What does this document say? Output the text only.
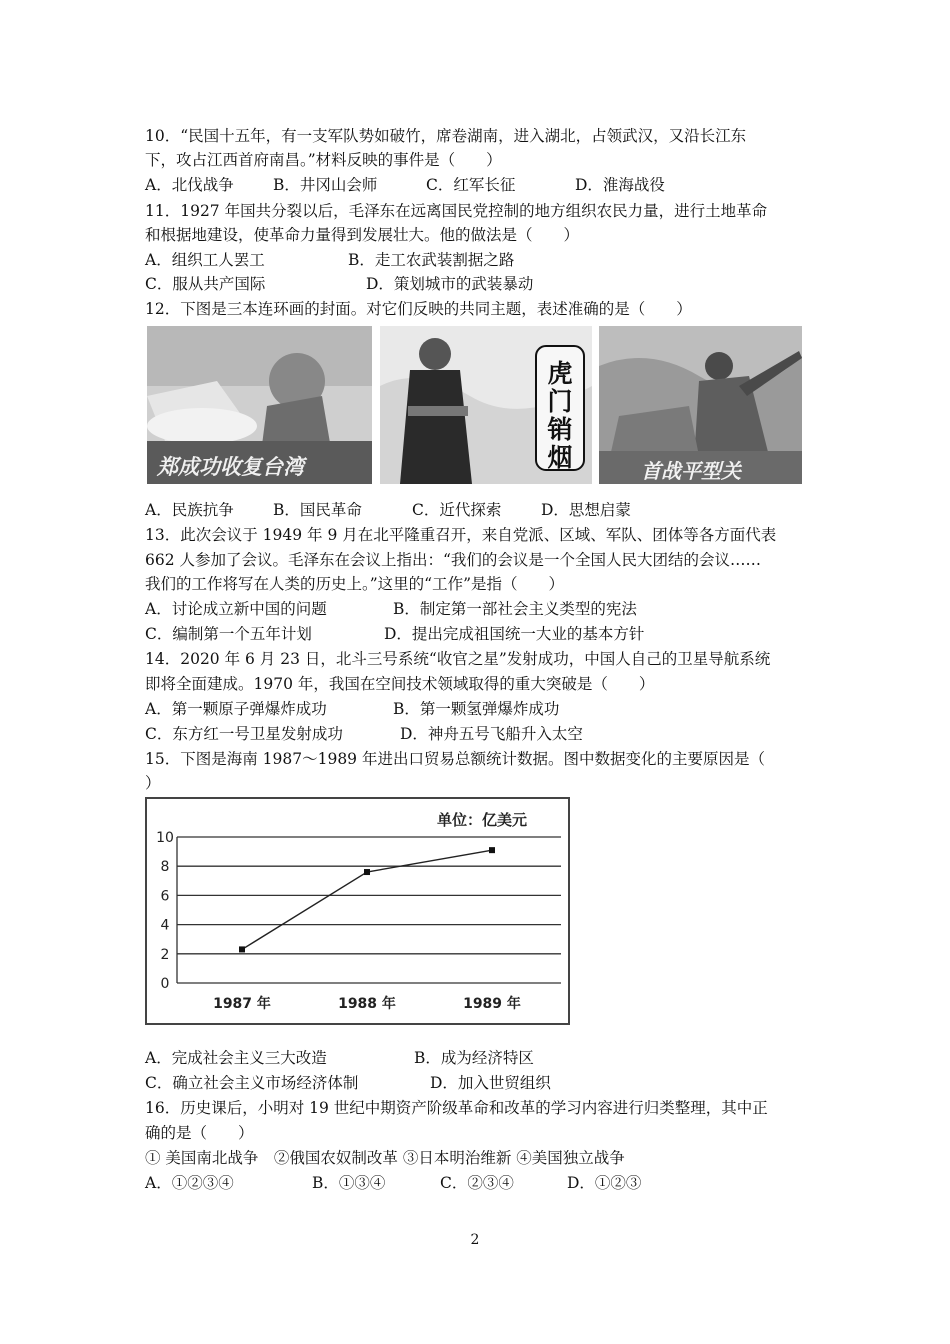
10．“民国十五年，有一支军队势如破竹，席卷湖南，进入湖北，占领武汉，又沿长江东
下，攻占江西首府南昌。”材料反映的事件是（　　）
A．北伐战争	B．井冈山会师	C．红军长征	D．淮海战役
11．1927 年国共分裂以后，毛泽东在远离国民党控制的地方组织农民力量，进行土地革命
和根据地建设，使革命力量得到发展壮大。他的做法是（　　）
A．组织工人罢工	B．走工农武装割据之路
C．服从共产国际	D．策划城市的武装暴动
12．下图是三本连环画的封面。对它们反映的共同主题，表述准确的是（　　）
郑成功收复台湾
虎
门
销
烟	首战平型关
A．民族抗争	B．国民革命	C．近代探索	D．思想启蒙
13．此次会议于 1949 年 9 月在北平隆重召开，来自党派、区域、军队、团体等各方面代表
662 人参加了会议。毛泽东在会议上指出：“我们的会议是一个全国人民大团结的会议……
我们的工作将写在人类的历史上。”这里的“工作”是指（　　）
A．讨论成立新中国的问题	B．制定第一部社会主义类型的宪法
C．编制第一个五年计划	D．提出完成祖国统一大业的基本方针
14．2020 年 6 月 23 日，北斗三号系统“收官之星”发射成功，中国人自己的卫星导航系统
即将全面建成。1970 年，我国在空间技术领域取得的重大突破是（　　）
A．第一颗原子弹爆炸成功	B．第一颗氢弹爆炸成功
C．东方红一号卫星发射成功	D．神舟五号飞船升入太空
15．下图是海南 1987～1989 年进出口贸易总额统计数据。图中数据变化的主要原因是（
）
单位：亿美元
0
2
4
6
8
10
1987 年	1988 年	1989 年
A．完成社会主义三大改造	B．成为经济特区
C．确立社会主义市场经济体制	D．加入世贸组织
16．历史课后，小明对 19 世纪中期资产阶级革命和改革的学习内容进行归类整理，其中正
确的是（　　）
① 美国南北战争　②俄国农奴制改革 ③日本明治维新 ④美国独立战争
A．①②③④	B．①③④	C．②③④	D．①②③
2
